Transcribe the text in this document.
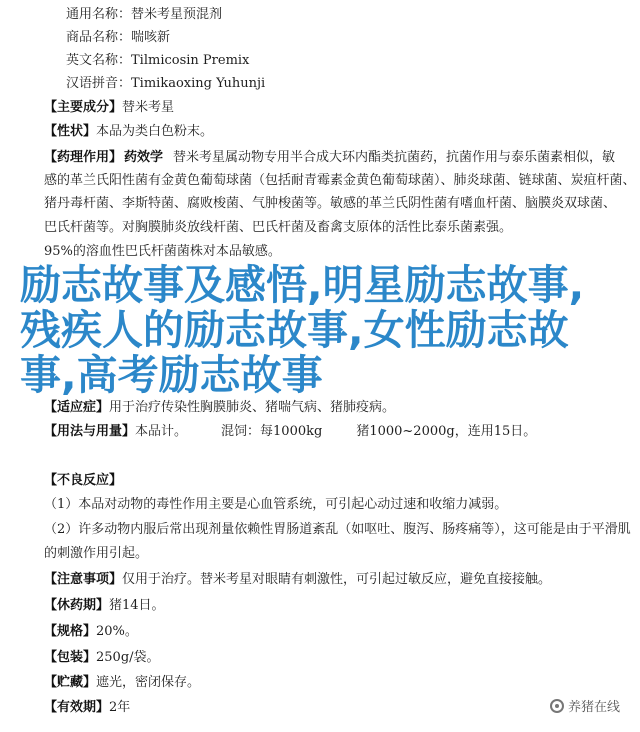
通用名称：替米考星预混剂
商品名称：喘咳新
英文名称：Tilmicosin Premix
汉语拼音：Timikaoxing Yuhunji
【主要成分】替米考星
【性状】本品为类白色粉末。
【药理作用】 药效学 替米考星属动物专用半合成大环内酯类抗菌药，抗菌作用与泰乐菌素相似，敏
感的革兰氏阳性菌有金黄色葡萄球菌（包括耐青霉素金黄色葡萄球菌）、肺炎球菌、链球菌、炭疽杆菌、
猪丹毒杆菌、李斯特菌、腐败梭菌、气肿梭菌等。敏感的革兰氏阴性菌有嗜血杆菌、脑膜炎双球菌、
巴氏杆菌等。对胸膜肺炎放线杆菌、巴氏杆菌及畜禽支原体的活性比泰乐菌素强。
95%的溶血性巴氏杆菌菌株对本品敏感。
【适应症】用于治疗传染性胸膜肺炎、猪喘气病、猪肺疫病。
【用法与用量】本品计。	混饲：每1000kg	猪1000~2000g，连用15日。
【不良反应】
（1）本品对动物的毒性作用主要是心血管系统，可引起心动过速和收缩力减弱。
（2）许多动物内服后常出现剂量依赖性胃肠道紊乱（如呕吐、腹泻、肠疼痛等），这可能是由于平滑肌
的刺激作用引起。
【注意事项】仅用于治疗。替米考星对眼睛有刺激性，可引起过敏反应，避免直接接触。
【休药期】猪14日。
【规格】20%。
【包装】250g/袋。
【贮藏】遮光，密闭保存。
【有效期】2年
励志故事及感悟,明星励志故事,残疾人的励志故事,女性励志故事,高考励志故事
养猪在线
